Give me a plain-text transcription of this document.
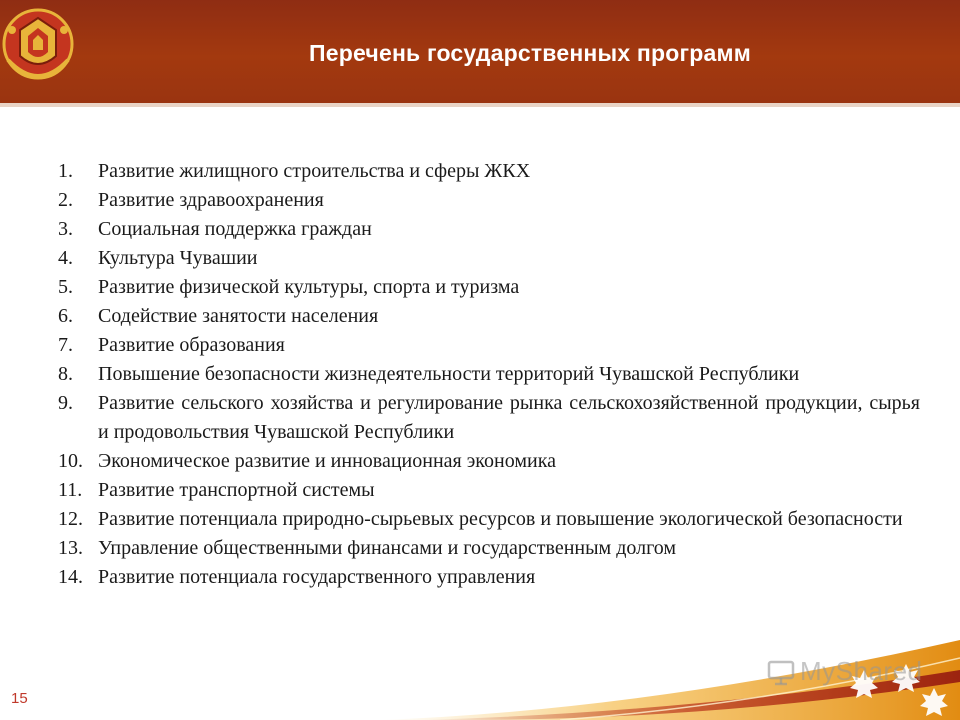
Перечень государственных программ
1.	Развитие жилищного строительства и сферы ЖКХ
2.	Развитие здравоохранения
3.	Социальная поддержка граждан
4.	Культура Чувашии
5.	Развитие физической культуры, спорта и туризма
6.	Содействие занятости населения
7.	Развитие образования
8.	Повышение безопасности жизнедеятельности территорий Чувашской Республики
9.	Развитие сельского хозяйства и регулирование рынка сельскохозяйственной продукции, сырья и продовольствия Чувашской Республики
10. Экономическое развитие и инновационная экономика
11. Развитие транспортной системы
12. Развитие потенциала природно-сырьевых ресурсов и повышение экологической безопасности
13. Управление общественными финансами и государственным долгом
14. Развитие потенциала государственного управления
MyShared
15
